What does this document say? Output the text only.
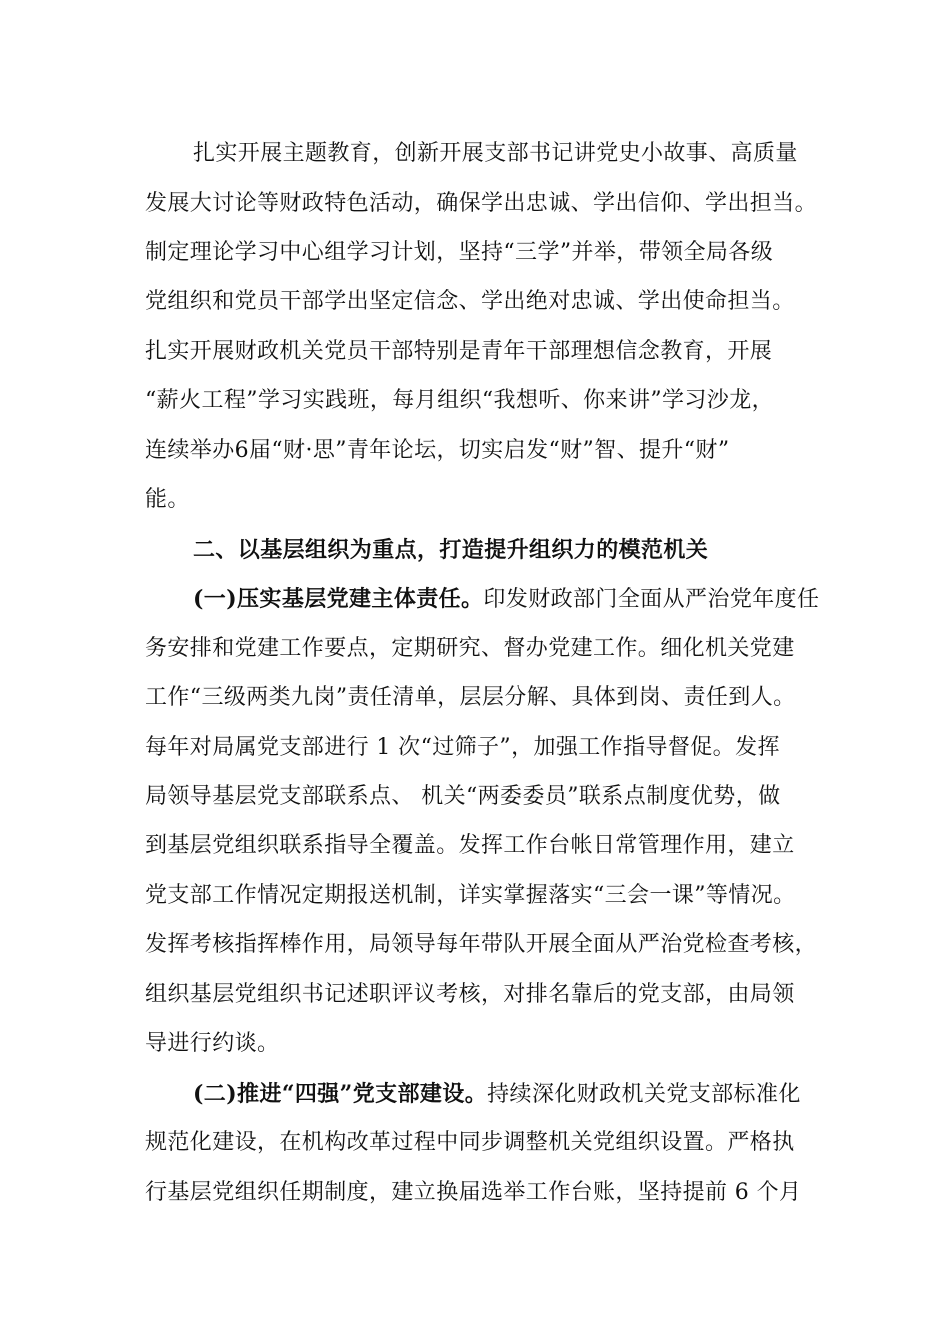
扎实开展主题教育，创新开展支部书记讲党史小故事、高质量
发展大讨论等财政特色活动，确保学出忠诚、学出信仰、学出担当。
制定理论学习中心组学习计划，坚持“三学”并举，带领全局各级
党组织和党员干部学出坚定信念、学出绝对忠诚、学出使命担当。
扎实开展财政机关党员干部特别是青年干部理想信念教育，开展
“薪火工程”学习实践班，每月组织“我想听、你来讲”学习沙龙，
连续举办6届“财·思”青年论坛，切实启发“财”智、提升“财”
能。
二、以基层组织为重点，打造提升组织力的模范机关
(一)压实基层党建主体责任。印发财政部门全面从严治党年度任
务安排和党建工作要点，定期研究、督办党建工作。细化机关党建
工作“三级两类九岗”责任清单，层层分解、具体到岗、责任到人。
每年对局属党支部进行 1 次“过筛子”，加强工作指导督促。发挥
局领导基层党支部联系点、 机关“两委委员”联系点制度优势，做
到基层党组织联系指导全覆盖。发挥工作台帐日常管理作用，建立
党支部工作情况定期报送机制，详实掌握落实“三会一课”等情况。
发挥考核指挥棒作用，局领导每年带队开展全面从严治党检查考核，
组织基层党组织书记述职评议考核，对排名靠后的党支部，由局领
导进行约谈。
(二)推进“四强”党支部建设。持续深化财政机关党支部标准化
规范化建设，在机构改革过程中同步调整机关党组织设置。严格执
行基层党组织任期制度，建立换届选举工作台账，坚持提前 6 个月
